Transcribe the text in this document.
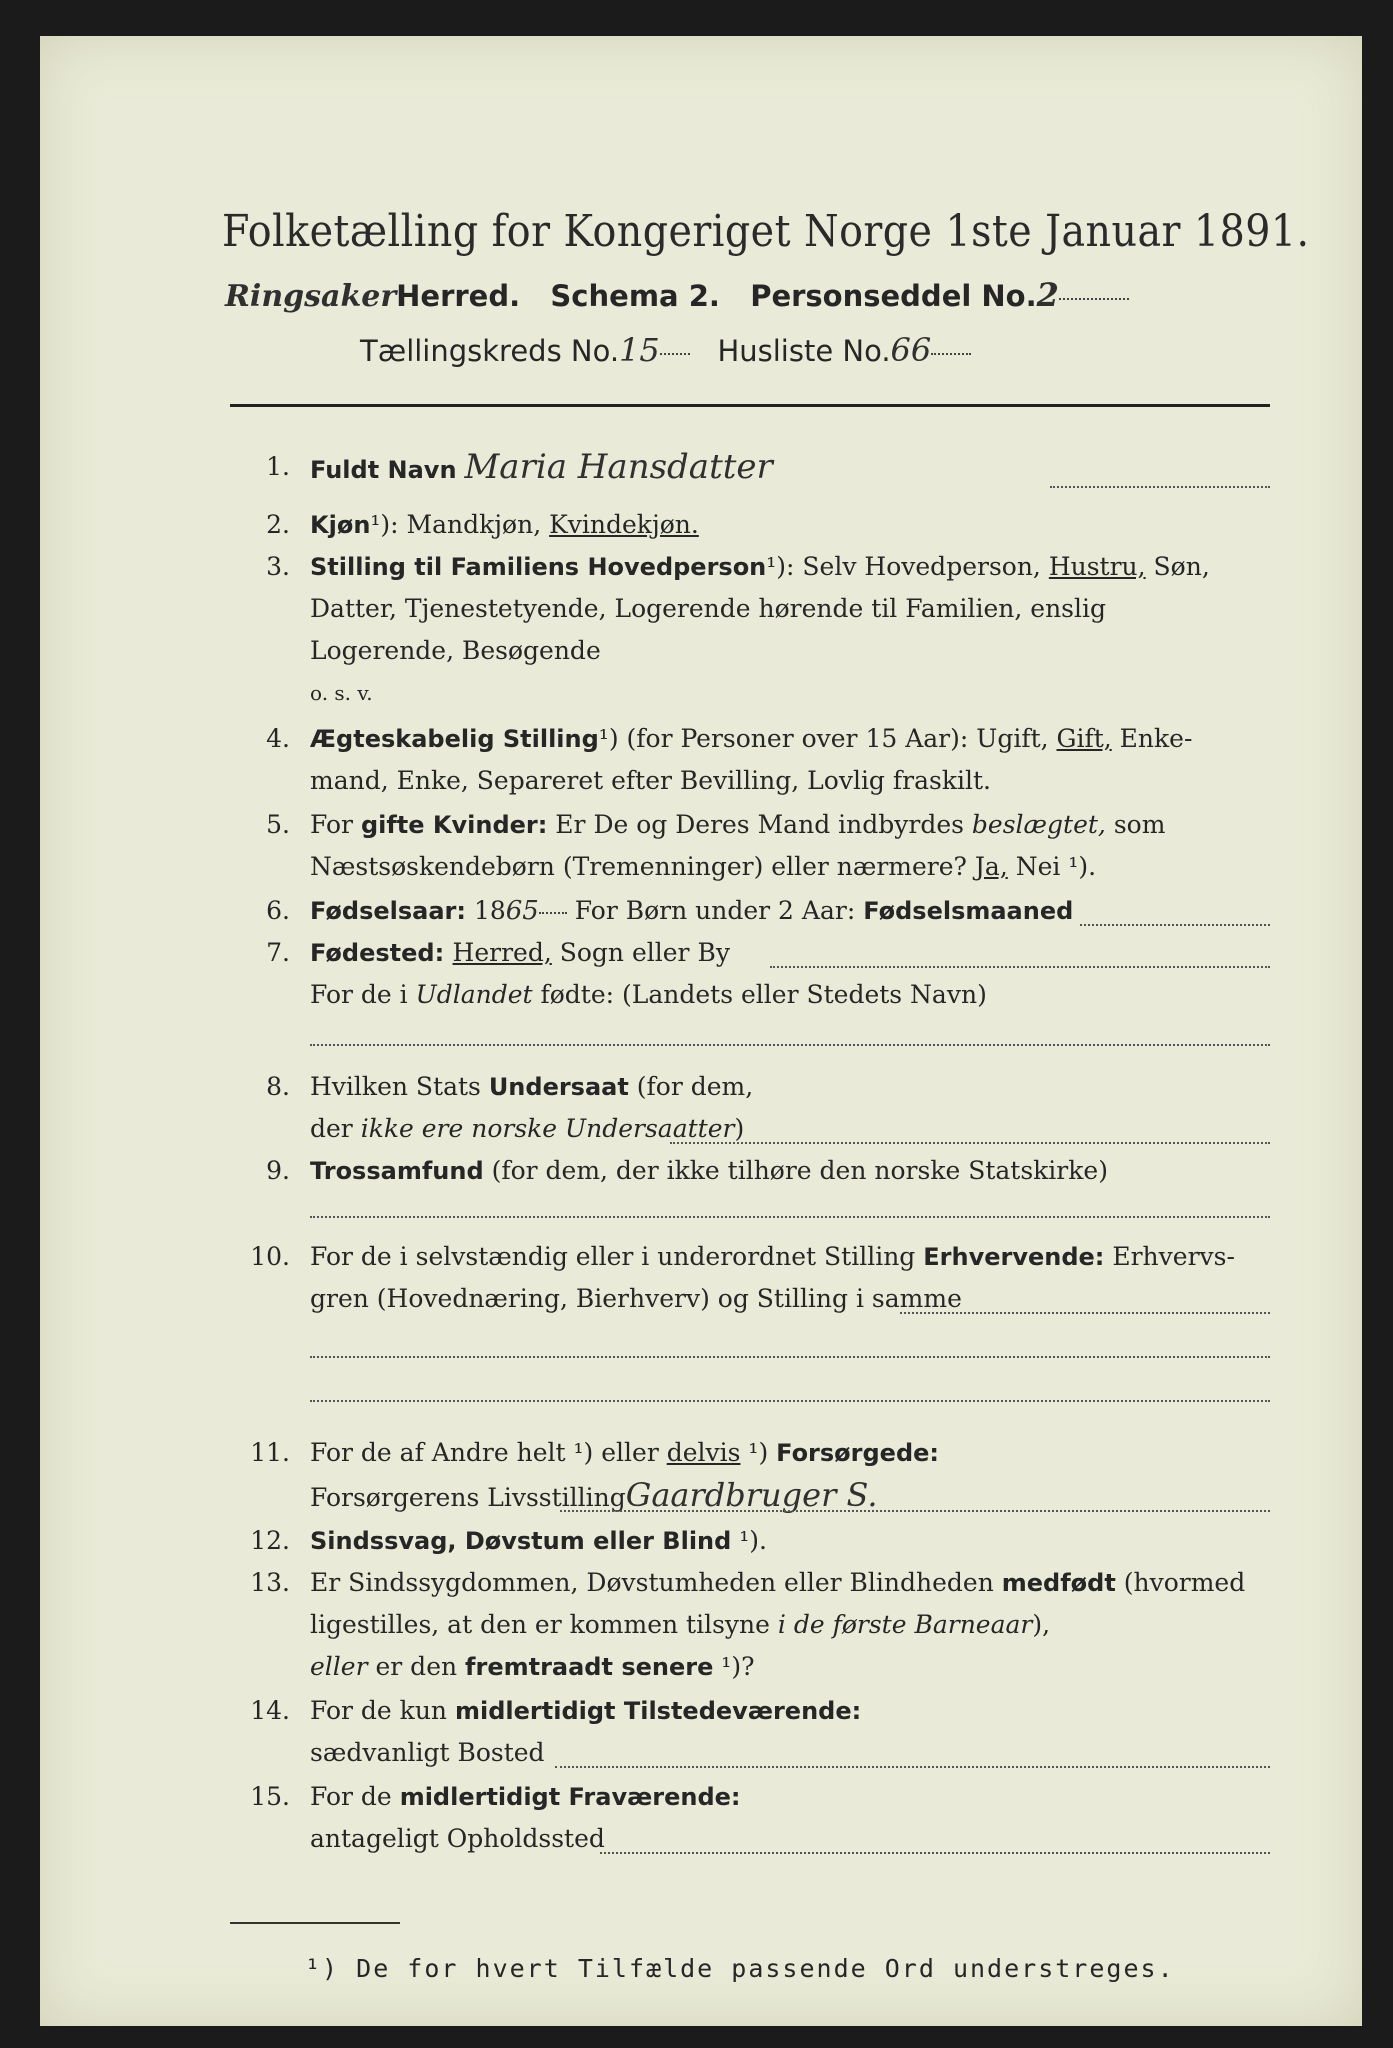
Folketælling for Kongeriget Norge 1ste Januar 1891.
RingsakerHerred. Schema 2. Personseddel No.2
Tællingskreds No.15 Husliste No.66
1. Fuldt Navn Maria Hansdatter
2. Kjøn¹): Mandkjøn, Kvindekjøn.
3. Stilling til Familiens Hovedperson¹): Selv Hovedperson, Hustru, Søn,
Datter, Tjenestetyende, Logerende hørende til Familien, enslig
Logerende, Besøgende
o. s. v.
4. Ægteskabelig Stilling¹) (for Personer over 15 Aar): Ugift, Gift, Enke-
mand, Enke, Separeret efter Bevilling, Lovlig fraskilt.
5. For gifte Kvinder: Er De og Deres Mand indbyrdes beslægtet, som
Næstsøskendebørn (Tremenninger) eller nærmere? Ja, Nei ¹).
6. Fødselsaar: 1865 For Børn under 2 Aar: Fødselsmaaned
7. Fødested: Herred, Sogn eller By
For de i Udlandet fødte: (Landets eller Stedets Navn)
8. Hvilken Stats Undersaat (for dem,
der ikke ere norske Undersaatter)
9. Trossamfund (for dem, der ikke tilhøre den norske Statskirke)
10. For de i selvstændig eller i underordnet Stilling Erhvervende: Erhvervs-
gren (Hovednæring, Bierhverv) og Stilling i samme
11. For de af Andre helt ¹) eller delvis ¹) Forsørgede:
Forsørgerens LivsstillingGaardbruger S.
12. Sindssvag, Døvstum eller Blind ¹).
13. Er Sindssygdommen, Døvstumheden eller Blindheden medfødt (hvormed
ligestilles, at den er kommen tilsyne i de første Barneaar),
eller er den fremtraadt senere ¹)?
14. For de kun midlertidigt Tilstedeværende:
sædvanligt Bosted
15. For de midlertidigt Fraværende:
antageligt Opholdssted
¹) De for hvert Tilfælde passende Ord understreges.
